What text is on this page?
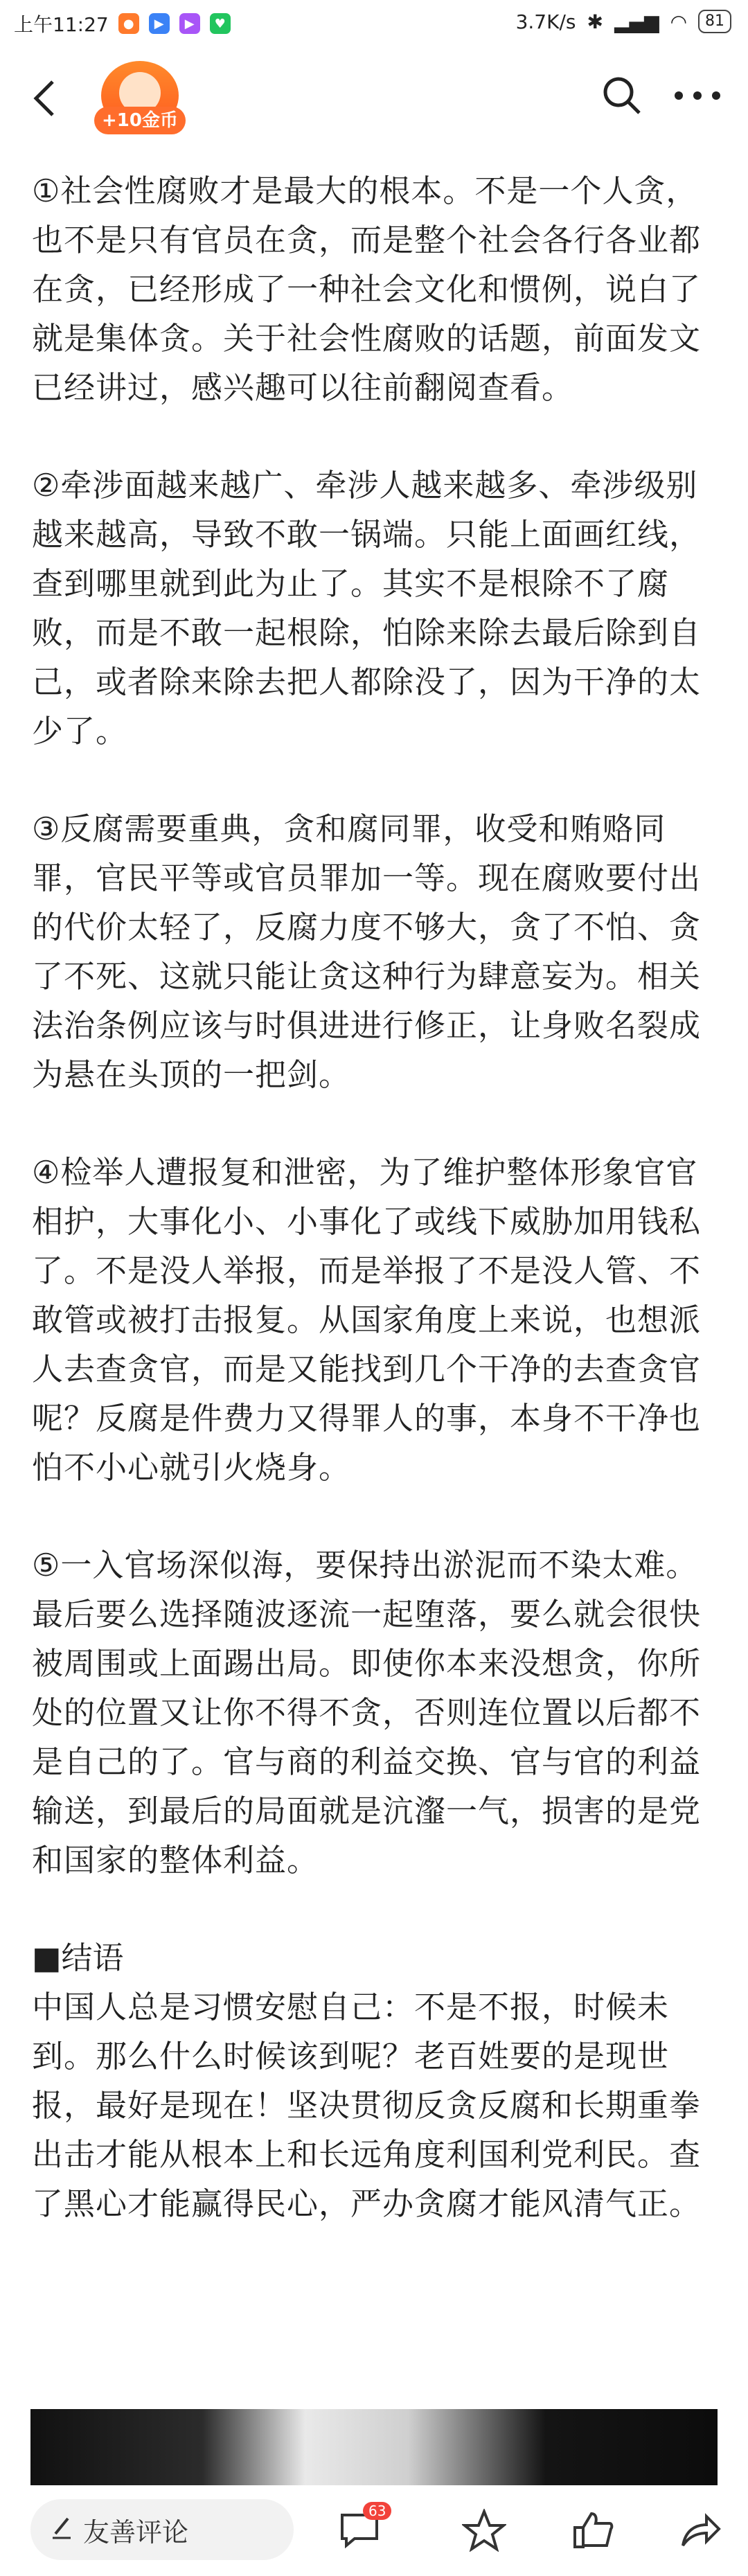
上午11:27	●	▶	▶	♥	3.7K/s ✱ ▂▄▆ ◠	81
+10金币

①社会性腐败才是最大的根本。不是一个人贪，也不是只有官员在贪，而是整个社会各行各业都在贪，已经形成了一种社会文化和惯例，说白了就是集体贪。关于社会性腐败的话题，前面发文已经讲过，感兴趣可以往前翻阅查看。

②牵涉面越来越广、牵涉人越来越多、牵涉级别越来越高，导致不敢一锅端。只能上面画红线，查到哪里就到此为止了。其实不是根除不了腐败，而是不敢一起根除，怕除来除去最后除到自己，或者除来除去把人都除没了，因为干净的太少了。

③反腐需要重典，贪和腐同罪，收受和贿赂同罪，官民平等或官员罪加一等。现在腐败要付出的代价太轻了，反腐力度不够大，贪了不怕、贪了不死、这就只能让贪这种行为肆意妄为。相关法治条例应该与时俱进进行修正，让身败名裂成为悬在头顶的一把剑。

④检举人遭报复和泄密，为了维护整体形象官官相护，大事化小、小事化了或线下威胁加用钱私了。不是没人举报，而是举报了不是没人管、不敢管或被打击报复。从国家角度上来说，也想派人去查贪官，而是又能找到几个干净的去查贪官呢？反腐是件费力又得罪人的事，本身不干净也怕不小心就引火烧身。

⑤一入官场深似海，要保持出淤泥而不染太难。最后要么选择随波逐流一起堕落，要么就会很快被周围或上面踢出局。即使你本来没想贪，你所处的位置又让你不得不贪，否则连位置以后都不是自己的了。官与商的利益交换、官与官的利益输送，到最后的局面就是沆瀣一气，损害的是党和国家的整体利益。

■结语

中国人总是习惯安慰自己：不是不报，时候未到。那么什么时候该到呢？老百姓要的是现世报，最好是现在！坚决贯彻反贪反腐和长期重拳出击才能从根本上和长远角度利国利党利民。查了黑心才能赢得民心，严办贪腐才能风清气正。

友善评论
63
